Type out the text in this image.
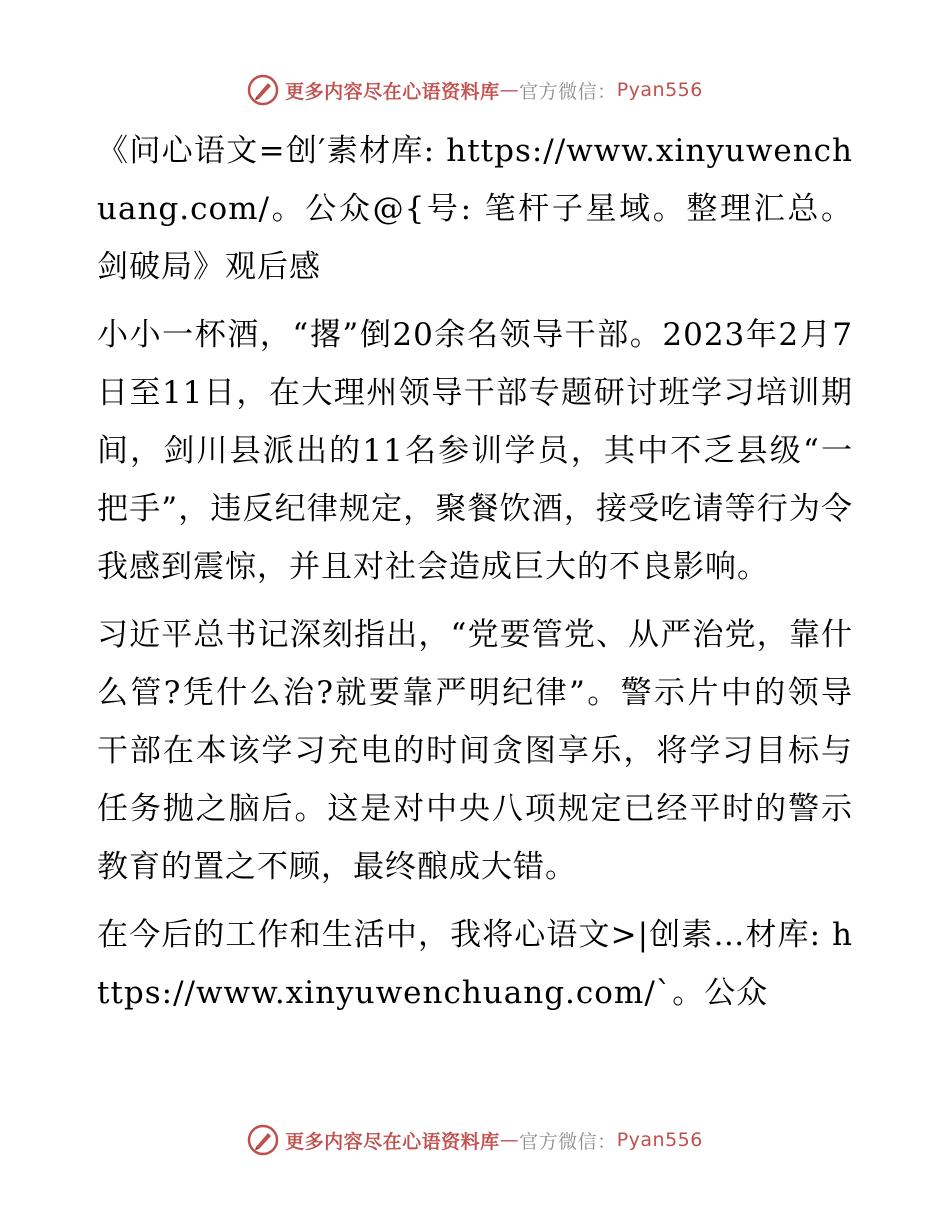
更多内容尽在心语资料库 — 官方微信： Pyan556

《问心语文=创′素材库: https://www.xinyuwenchuang.com/。公众@{号: 笔杆子星域。整理汇总。剑破局》观后感

小小一杯酒，“撂”倒20余名领导干部。2023年2月7日至11日，在大理州领导干部专题研讨班学习培训期间，剑川县派出的11名参训学员，其中不乏县级“一把手”，违反纪律规定，聚餐饮酒，接受吃请等行为令我感到震惊，并且对社会造成巨大的不良影响。

习近平总书记深刻指出，“党要管党、从严治党，靠什么管?凭什么治?就要靠严明纪律”。警示片中的领导干部在本该学习充电的时间贪图享乐，将学习目标与任务抛之脑后。这是对中央八项规定已经平时的警示教育的置之不顾，最终酿成大错。

在今后的工作和生活中，我将心语文>|创素…材库: https://www.xinyuwenchuang.com/`。公众

更多内容尽在心语资料库 — 官方微信： Pyan556
